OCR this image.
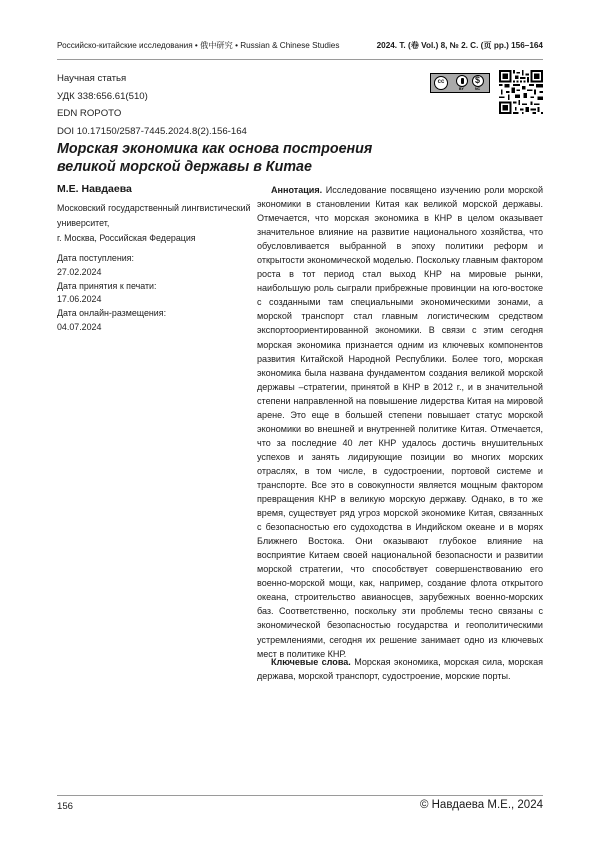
Российско-китайские исследования • 俄中研究 • Russian & Chinese Studies	2024. Т. (卷 Vol.) 8, № 2. С. (页 pp.) 156–164
Научная статья
УДК 338:656.61(510)
EDN ROPOTO
DOI 10.17150/2587-7445.2024.8(2).156-164
cc
$
BY	NC
Морская экономика как основа построения великой морской державы в Китае
М.Е. Навдаева
Московский государственный лингвистический университет,
г. Москва, Российская Федерация
Дата поступления:
27.02.2024
Дата принятия к печати:
17.06.2024
Дата онлайн-размещения:
04.07.2024
Аннотация. Исследование посвящено изучению роли морской экономики в становлении Китая как великой морской державы. Отмечается, что морская экономика в КНР в целом оказывает значительное влияние на развитие национального хозяйства, что обусловливается выбранной в эпоху политики реформ и открытости экономической моделью. Поскольку главным фактором роста в тот период стал выход КНР на мировые рынки, наибольшую роль сыграли прибрежные провинции на юго-востоке с созданными там специальными экономическими зонами, а морской транспорт стал главным логистическим средством экспортоориентированной экономики. В связи с этим сегодня морская экономика признается одним из ключевых компонентов развития Китайской Народной Республики. Более того, морская экономика была названа фундаментом создания великой морской державы –стратегии, принятой в КНР в 2012 г., и в значительной степени направленной на повышение лидерства Китая на мировой арене. Это еще в большей степени повышает статус морской экономики во внешней и внутренней политике Китая. Отмечается, что за последние 40 лет КНР удалось достичь внушительных успехов и занять лидирующие позиции во многих морских отраслях, в том числе, в судостроении, портовой системе и транспорте. Все это в совокупности является мощным фактором превращения КНР в великую морскую державу. Однако, в то же время, существует ряд угроз морской экономике Китая, связанных с безопасностью его судоходства в Индийском океане и в морях Ближнего Востока. Они оказывают глубокое влияние на восприятие Китаем своей национальной безопасности и развитии морской стратегии, что способствует совершенствованию его военно-морской мощи, как, например, создание флота открытого океана, строительство авианосцев, зарубежных военно-морских баз. Соответственно, поскольку эти проблемы тесно связаны с экономической безопасностью государства и геополитическими устремлениями, сегодня их решение занимает одно из ключевых мест в политике КНР.
Ключевые слова. Морская экономика, морская сила, морская держава, морской транспорт, судостроение, морские порты.
156	© Навдаева М.Е., 2024
